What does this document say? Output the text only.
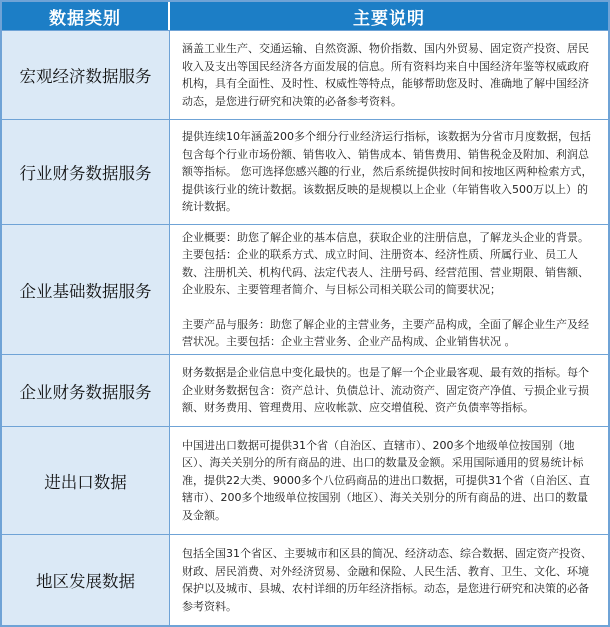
数据类别	主要说明
宏观经济数据服务

涵盖工业生产、交通运输、自然资源、物价指数、国内外贸易、固定资产投资、居民收入及支出等国民经济各方面发展的信息。所有资料均来自中国经济年鉴等权威政府机构，具有全面性、及时性、权威性等特点，能够帮助您及时、准确地了解中国经济动态，是您进行研究和决策的必备参考资料。

行业财务数据服务

提供连续10年涵盖200多个细分行业经济运行指标，该数据为分省市月度数据，包括包含每个行业市场份额、销售收入、销售成本、销售费用、销售税金及附加、利润总额等指标。 您可选择您感兴趣的行业，然后系统提供按时间和按地区两种检索方式，提供该行业的统计数据。该数据反映的是规模以上企业（年销售收入500万以上）的统计数据。

企业基础数据服务

企业概要：助您了解企业的基本信息，获取企业的注册信息，了解龙头企业的背景。主要包括：企业的联系方式、成立时间、注册资本、经济性质、所属行业、员工人数、注册机关、机构代码、法定代表人、注册号码、经营范围、营业期限、销售额、企业股东、主要管理者简介、与目标公司相关联公司的简要状况；

主要产品与服务：助您了解企业的主营业务，主要产品构成，全面了解企业生产及经营状况。主要包括：企业主营业务、企业产品构成、企业销售状况 。

企业财务数据服务

财务数据是企业信息中变化最快的。也是了解一个企业最客观、最有效的指标。每个企业财务数据包含：资产总计、负债总计、流动资产、固定资产净值、亏损企业亏损额、财务费用、管理费用、应收帐款、应交增值税、资产负债率等指标。

进出口数据

中国进出口数据可提供31个省（自治区、直辖市）、200多个地级单位按国别（地区）、海关关别分的所有商品的进、出口的数量及金额。采用国际通用的贸易统计标准，提供22大类、9000多个八位码商品的进出口数据，可提供31个省（自治区、直辖市）、200多个地级单位按国别（地区）、海关关别分的所有商品的进、出口的数量及金额。

地区发展数据

包括全国31个省区、主要城市和区县的简况、经济动态、综合数据、固定资产投资、财政、居民消费、对外经济贸易、金融和保险、人民生活、教育、卫生、文化、环境保护以及城市、县城、农村详细的历年经济指标。动态，是您进行研究和决策的必备参考资料。
